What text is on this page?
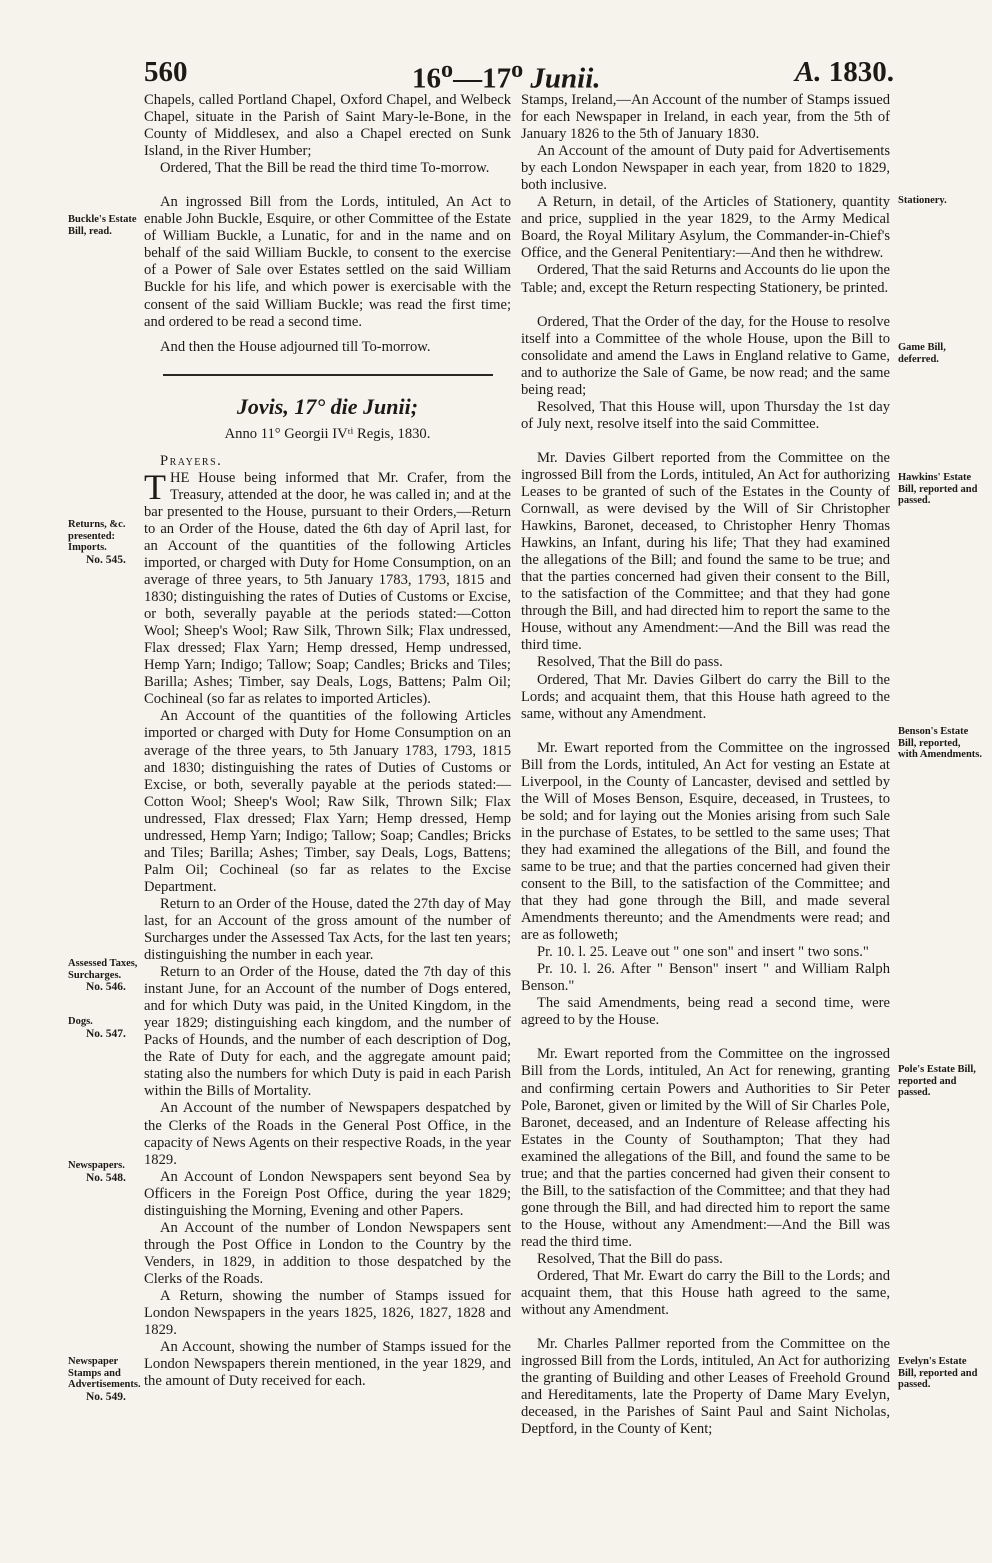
560	16$^o$—17$^o$ Junii.	A. 1830.

Chapels, called Portland Chapel, Oxford Chapel, and Welbeck Chapel, situate in the Parish of Saint Mary-le-Bone, in the County of Middlesex, and also a Chapel erected on Sunk Island, in the River Humber;

Ordered, That the Bill be read the third time To-morrow.

An ingrossed Bill from the Lords, intituled, An Act to enable John Buckle, Esquire, or other Committee of the Estate of William Buckle, a Lunatic, for and in the name and on behalf of the said William Buckle, to consent to the exercise of a Power of Sale over Estates settled on the said William Buckle for his life, and which power is exercisable with the consent of the said William Buckle; was read the first time; and ordered to be read a second time.

And then the House adjourned till To-morrow.

Jovis, 17° die Junii;
Anno 11° Georgii IVᵗⁱ Regis, 1830.
Prayers.

THE House being informed that Mr. Crafer, from the Treasury, attended at the door, he was called in; and at the bar presented to the House, pursuant to their Orders,—Return to an Order of the House, dated the 6th day of April last, for an Account of the quantities of the following Articles imported, or charged with Duty for Home Consumption, on an average of three years, to 5th January 1783, 1793, 1815 and 1830; distinguishing the rates of Duties of Customs or Excise, or both, severally payable at the periods stated:—Cotton Wool; Sheep's Wool; Raw Silk, Thrown Silk; Flax undressed, Flax dressed; Flax Yarn; Hemp dressed, Hemp undressed, Hemp Yarn; Indigo; Tallow; Soap; Candles; Bricks and Tiles; Barilla; Ashes; Timber, say Deals, Logs, Battens; Palm Oil; Cochineal (so far as relates to imported Articles).

An Account of the quantities of the following Articles imported or charged with Duty for Home Consumption on an average of the three years, to 5th January 1783, 1793, 1815 and 1830; distinguishing the rates of Duties of Customs or Excise, or both, severally payable at the periods stated:—Cotton Wool; Sheep's Wool; Raw Silk, Thrown Silk; Flax undressed, Flax dressed; Flax Yarn; Hemp dressed, Hemp undressed, Hemp Yarn; Indigo; Tallow; Soap; Candles; Bricks and Tiles; Barilla; Ashes; Timber, say Deals, Logs, Battens; Palm Oil; Cochineal (so far as relates to the Excise Department.

Return to an Order of the House, dated the 27th day of May last, for an Account of the gross amount of the number of Surcharges under the Assessed Tax Acts, for the last ten years; distinguishing the number in each year.

Return to an Order of the House, dated the 7th day of this instant June, for an Account of the number of Dogs entered, and for which Duty was paid, in the United Kingdom, in the year 1829; distinguishing each kingdom, and the number of Packs of Hounds, and the number of each description of Dog, the Rate of Duty for each, and the aggregate amount paid; stating also the numbers for which Duty is paid in each Parish within the Bills of Mortality.

An Account of the number of Newspapers despatched by the Clerks of the Roads in the General Post Office, in the capacity of News Agents on their respective Roads, in the year 1829.

An Account of London Newspapers sent beyond Sea by Officers in the Foreign Post Office, during the year 1829; distinguishing the Morning, Evening and other Papers.

An Account of the number of London Newspapers sent through the Post Office in London to the Country by the Venders, in 1829, in addition to those despatched by the Clerks of the Roads.

A Return, showing the number of Stamps issued for London Newspapers in the years 1825, 1826, 1827, 1828 and 1829.

An Account, showing the number of Stamps issued for the London Newspapers therein mentioned, in the year 1829, and the amount of Duty received for each.

Stamps, Ireland,—An Account of the number of Stamps issued for each Newspaper in Ireland, in each year, from the 5th of January 1826 to the 5th of January 1830.

An Account of the amount of Duty paid for Advertisements by each London Newspaper in each year, from 1820 to 1829, both inclusive.

A Return, in detail, of the Articles of Stationery, quantity and price, supplied in the year 1829, to the Army Medical Board, the Royal Military Asylum, the Commander-in-Chief's Office, and the General Penitentiary:—And then he withdrew.

Ordered, That the said Returns and Accounts do lie upon the Table; and, except the Return respecting Stationery, be printed.

Ordered, That the Order of the day, for the House to resolve itself into a Committee of the whole House, upon the Bill to consolidate and amend the Laws in England relative to Game, and to authorize the Sale of Game, be now read; and the same being read;

Resolved, That this House will, upon Thursday the 1st day of July next, resolve itself into the said Committee.

Mr. Davies Gilbert reported from the Committee on the ingrossed Bill from the Lords, intituled, An Act for authorizing Leases to be granted of such of the Estates in the County of Cornwall, as were devised by the Will of Sir Christopher Hawkins, Baronet, deceased, to Christopher Henry Thomas Hawkins, an Infant, during his life; That they had examined the allegations of the Bill; and found the same to be true; and that the parties concerned had given their consent to the Bill, to the satisfaction of the Committee; and that they had gone through the Bill, and had directed him to report the same to the House, without any Amendment:—And the Bill was read the third time.

Resolved, That the Bill do pass.

Ordered, That Mr. Davies Gilbert do carry the Bill to the Lords; and acquaint them, that this House hath agreed to the same, without any Amendment.

Mr. Ewart reported from the Committee on the ingrossed Bill from the Lords, intituled, An Act for vesting an Estate at Liverpool, in the County of Lancaster, devised and settled by the Will of Moses Benson, Esquire, deceased, in Trustees, to be sold; and for laying out the Monies arising from such Sale in the purchase of Estates, to be settled to the same uses; That they had examined the allegations of the Bill, and found the same to be true; and that the parties concerned had given their consent to the Bill, to the satisfaction of the Committee; and that they had gone through the Bill, and made several Amendments thereunto; and the Amendments were read; and are as followeth;

Pr. 10. l. 25. Leave out " one son" and insert " two sons."

Pr. 10. l. 26. After " Benson" insert " and William Ralph Benson."

The said Amendments, being read a second time, were agreed to by the House.

Mr. Ewart reported from the Committee on the ingrossed Bill from the Lords, intituled, An Act for renewing, granting and confirming certain Powers and Authorities to Sir Peter Pole, Baronet, given or limited by the Will of Sir Charles Pole, Baronet, deceased, and an Indenture of Release affecting his Estates in the County of Southampton; That they had examined the allegations of the Bill, and found the same to be true; and that the parties concerned had given their consent to the Bill, to the satisfaction of the Committee; and that they had gone through the Bill, and had directed him to report the same to the House, without any Amendment:—And the Bill was read the third time.

Resolved, That the Bill do pass.

Ordered, That Mr. Ewart do carry the Bill to the Lords; and acquaint them, that this House hath agreed to the same, without any Amendment.

Mr. Charles Pallmer reported from the Committee on the ingrossed Bill from the Lords, intituled, An Act for authorizing the granting of Building and other Leases of Freehold Ground and Hereditaments, late the Property of Dame Mary Evelyn, deceased, in the Parishes of Saint Paul and Saint Nicholas, Deptford, in the County of Kent;

Buckle's Estate Bill, read.
Returns, &c. presented: Imports.
No. 545.
Assessed Taxes, Surcharges.
No. 546.
Dogs.
No. 547.
Newspapers.
No. 548.
Newspaper Stamps and Advertisements.
No. 549.
Stationery.
Game Bill, deferred.
Hawkins' Estate Bill, reported and passed.
Benson's Estate Bill, reported, with Amendments.
Pole's Estate Bill, reported and passed.
Evelyn's Estate Bill, reported and passed.
